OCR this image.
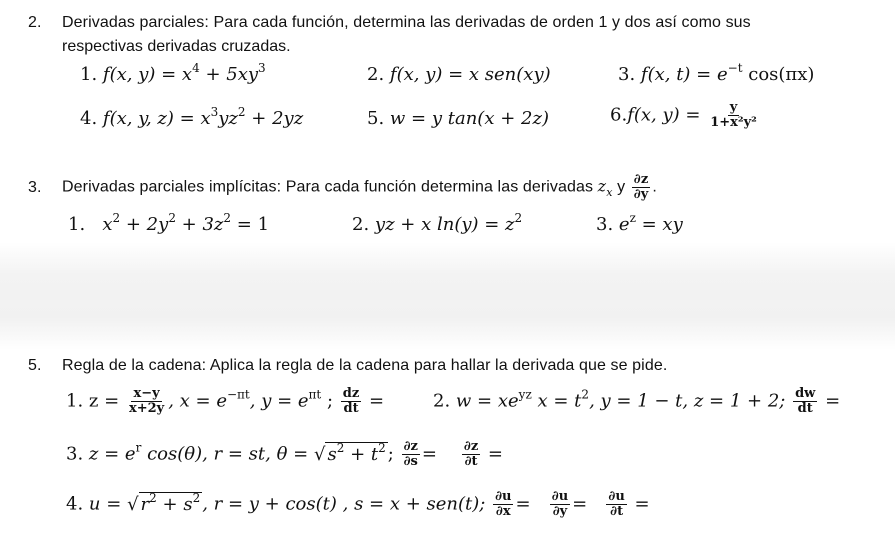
2. Derivadas parciales: Para cada función, determina las derivadas de orden 1 y dos así como sus
respectivas derivadas cruzadas.
1. f(x, $y) = x^4 + 5xy^3$	2. f(x, y) = x sen(xy)	3. f(x, $t) = e^{-t}$ cos(πx)
4. f(x, y, $z) = x^3yz^2 + 2yz$	5. w = y tan(x + 2z)	6.f(x, $y) = \frac{y}{\text{1+x²y²}}$
3. Derivadas parciales implícitas: Para cada función determina las derivadas $z_x$ y $\frac{\partial z}{\partial y}$ .
1. $x^2 + 2y^2 + 3z^2 = 1$	2. yz + x $\ln(y) = z^2$	3. $e^z$ = xy
5. Regla de la cadena: Aplica la regla de la cadena para hallar la derivada que se pide.
1. $z = \frac{x-y}{x+2y}$ , $x = e^{-\pi t}$, $y = e^{\pi t}$ ; $\frac{dz}{dt}$ =	2. $w = xe^{yz}$ $x = t^2$, y = 1 − t, z = 1 + 2; $\frac{dw}{dt}$ =
3. $z = e^r$ cos(θ), r = st, θ = √ $s^2 + t^2$ ; $\frac{\partial z}{\partial s} = \frac{\partial z}{\partial t}$ =
4. u = √ $r^2 + s^2$ , r = y + cos(t) , s = x + sen(t); $\frac{\partial u}{\partial x} = \frac{\partial u}{\partial y} = \frac{\partial u}{\partial t}$ =
